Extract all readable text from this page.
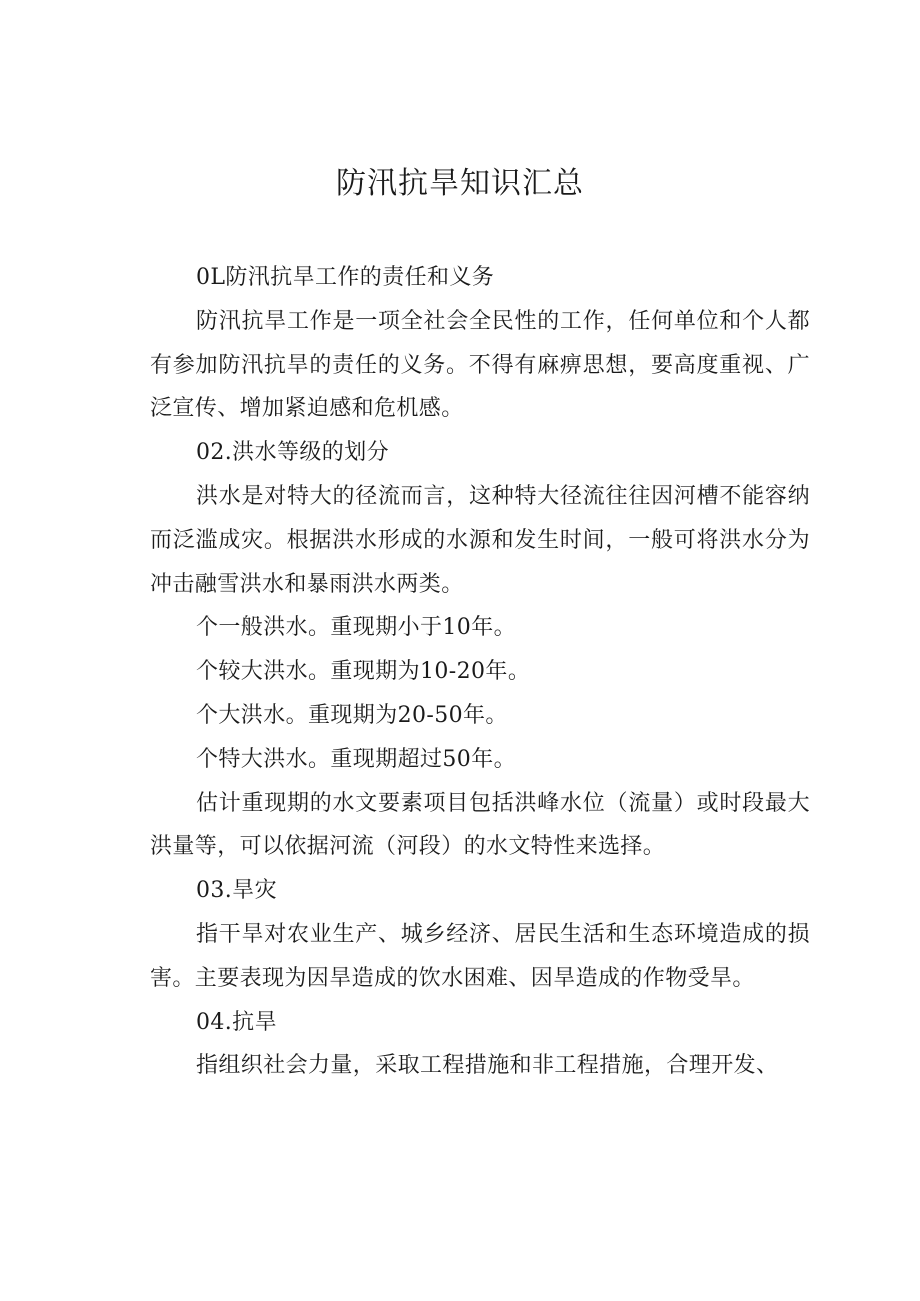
防汛抗旱知识汇总

0L防汛抗旱工作的责任和义务

防汛抗旱工作是一项全社会全民性的工作，任何单位和个人都有参加防汛抗旱的责任的义务。不得有麻痹思想，要高度重视、广泛宣传、增加紧迫感和危机感。

02.洪水等级的划分

洪水是对特大的径流而言，这种特大径流往往因河槽不能容纳而泛滥成灾。根据洪水形成的水源和发生时间，一般可将洪水分为冲击融雪洪水和暴雨洪水两类。

个一般洪水。重现期小于10年。

个较大洪水。重现期为10-20年。

个大洪水。重现期为20-50年。

个特大洪水。重现期超过50年。

估计重现期的水文要素项目包括洪峰水位（流量）或时段最大洪量等，可以依据河流（河段）的水文特性来选择。

03.旱灾

指干旱对农业生产、城乡经济、居民生活和生态环境造成的损害。主要表现为因旱造成的饮水困难、因旱造成的作物受旱。

04.抗旱

指组织社会力量，采取工程措施和非工程措施，合理开发、
